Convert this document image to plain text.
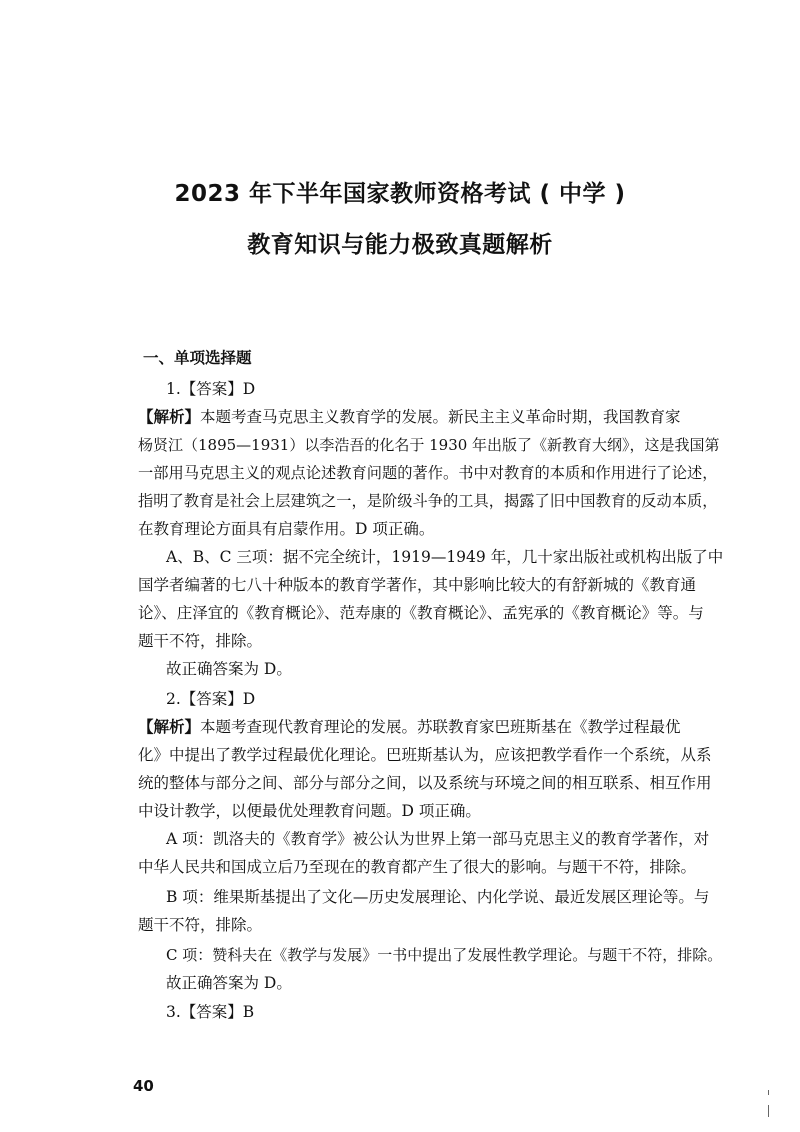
2023 年下半年国家教师资格考试 ( 中学 )
教育知识与能力极致真题解析
一、单项选择题
1.【答案】D
【解析】本题考查马克思主义教育学的发展。新民主主义革命时期，我国教育家
杨贤江（1895—1931）以李浩吾的化名于 1930 年出版了《新教育大纲》，这是我国第
一部用马克思主义的观点论述教育问题的著作。书中对教育的本质和作用进行了论述，
指明了教育是社会上层建筑之一，是阶级斗争的工具，揭露了旧中国教育的反动本质，
在教育理论方面具有启蒙作用。D 项正确。
A、B、C 三项：据不完全统计，1919—1949 年，几十家出版社或机构出版了中
国学者编著的七八十种版本的教育学著作，其中影响比较大的有舒新城的《教育通
论》、庄泽宜的《教育概论》、范寿康的《教育概论》、孟宪承的《教育概论》等。与
题干不符，排除。
故正确答案为 D。
2.【答案】D
【解析】本题考查现代教育理论的发展。苏联教育家巴班斯基在《教学过程最优
化》中提出了教学过程最优化理论。巴班斯基认为，应该把教学看作一个系统，从系
统的整体与部分之间、部分与部分之间，以及系统与环境之间的相互联系、相互作用
中设计教学，以便最优处理教育问题。D 项正确。
A 项：凯洛夫的《教育学》被公认为世界上第一部马克思主义的教育学著作，对
中华人民共和国成立后乃至现在的教育都产生了很大的影响。与题干不符，排除。
B 项：维果斯基提出了文化—历史发展理论、内化学说、最近发展区理论等。与
题干不符，排除。
C 项：赞科夫在《教学与发展》一书中提出了发展性教学理论。与题干不符，排除。
故正确答案为 D。
3.【答案】B
40
